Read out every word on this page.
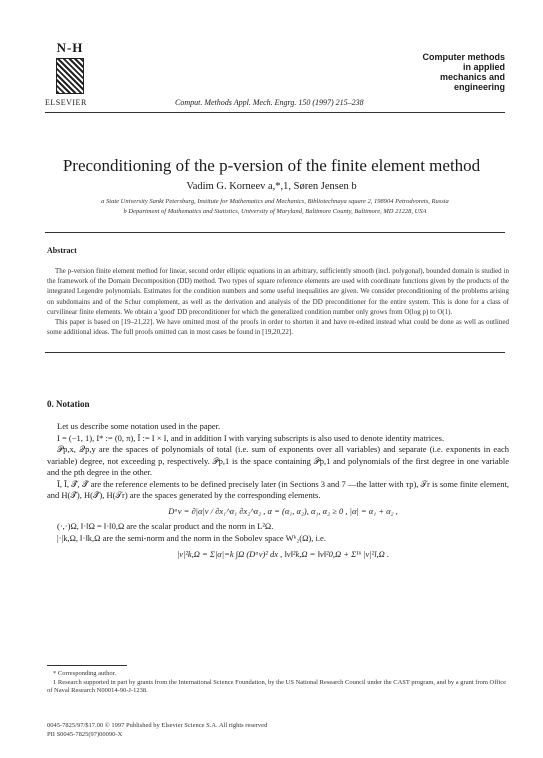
N-H
ELSEVIER	Comput. Methods Appl. Mech. Engrg. 150 (1997) 215–238
Computer methods
in applied
mechanics and
engineering
Preconditioning of the p-version of the finite element method
Vadim G. Korneev a,*,1, Søren Jensen b
a State University Sankt Petersburg, Institute for Mathematics and Mechanics, Bibliotechnaya square 2, 198904 Petrodvorets, Russia
b Department of Mathematics and Statistics, University of Maryland, Baltimore County, Baltimore, MD 21228, USA
Abstract

The p-version finite element method for linear, second order elliptic equations in an arbitrary, sufficiently smooth (incl. polygonal), bounded domain is studied in the framework of the Domain Decomposition (DD) method. Two types of square reference elements are used with coordinate functions given by the products of the integrated Legendre polynomials. Estimates for the condition numbers and some useful inequalities are given. We consider preconditioning of the problems arising on subdomains and of the Schur complement, as well as the derivation and analysis of the DD preconditioner for the entire system. This is done for a class of curvilinear finite elements. We obtain a 'good' DD preconditioner for which the generalized condition number only grows from O(log p) to O(1).

This paper is based on [19–21,22]. We have omitted most of the proofs in order to shorten it and have re-edited instead what could be done as well as outlined some additional ideas. The full proofs omitted can in most cases be found in [19,20,22].

0. Notation

Let us describe some notation used in the paper.

I = (−1, 1), I* := (0, π), Ī := I × I, and in addition I with varying subscripts is also used to denote identity matrices.

𝒫p,x, 𝒬p,y are the spaces of polynomials of total (i.e. sum of exponents over all variables) and separate (i.e. exponents in each variable) degree, not exceeding p, respectively. 𝒫p,1 is the space containing 𝒫p,1 and polynomials of the first degree in one variable and the pth degree in the other.

Ī, Ĩ, 𝒯̂, 𝒯̃ are the reference elements to be defined precisely later (in Sections 3 and 7 —the latter with τp), 𝒯r is some finite element, and H(𝒯̂), H(𝒯̃), H(𝒯r) are the spaces generated by the corresponding elements.

Dᵅv = ∂|α|v / ∂x₁^α₁ ∂x₂^α₂ , α = (α₁, α₂), α₁, α₂ ≥ 0 , |α| = α₁ + α₂ ,

(·,·)Ω, ‖·‖Ω = ‖·‖0,Ω are the scalar product and the norm in L²Ω.

|·|k,Ω, ‖·‖k,Ω are the semi-norm and the norm in the Sobolev space Wᵏ₂(Ω), i.e.

|v|²k,Ω = Σ|α|=k ∫Ω (Dᵅv)² dx , ‖v‖²k,Ω = ‖v‖²0,Ω + Σ¹ᵏ |v|²l,Ω .

* Corresponding author.

1 Research supported in part by grants from the International Science Foundation, by the US National Research Council under the CAST program, and by a grant from Office of Naval Research N00014-90-J-1238.

0045-7825/97/$17.00 © 1997 Published by Elsevier Science S.A. All rights reserved

PII S0045-7825(97)00090-X
